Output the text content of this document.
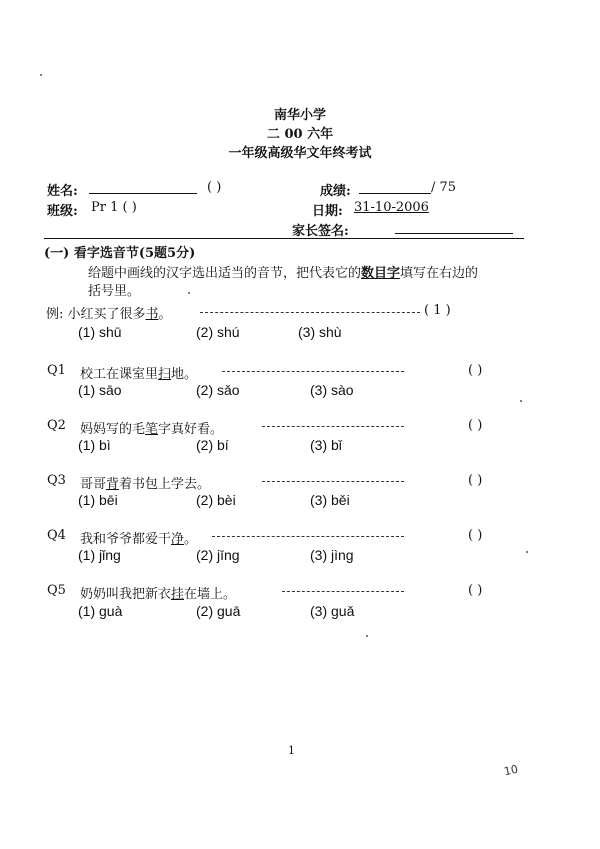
南华小学
二 00 六年
一年级高级华文年终考试
姓名:	( )	成绩:	/ 75
班级: Pr 1 ( )	日期: 31-10-2006
家长签名:
(一) 看字选音节(5题5分)
给题中画线的汉字选出适当的音节，把代表它的数目字填写在右边的
括号里。
例: 小红买了很多书。	( 1 )
(1) shū	(2) shú	(3) shù
Q1 校工在课室里扫地。	( )
(1) sāo	(2) sǎo	(3) sào
Q2 妈妈写的毛笔字真好看。	( )
(1) bì	(2) bí	(3) bǐ
Q3 哥哥背着书包上学去。	( )
(1) bēi	(2) bèi	(3) běi
Q4 我和爷爷都爱干净。	( )
(1) jǐng	(2) jīng	(3) jìng
Q5 奶奶叫我把新衣挂在墙上。	( )
(1) guà	(2) guā	(3) guǎ
1
10
